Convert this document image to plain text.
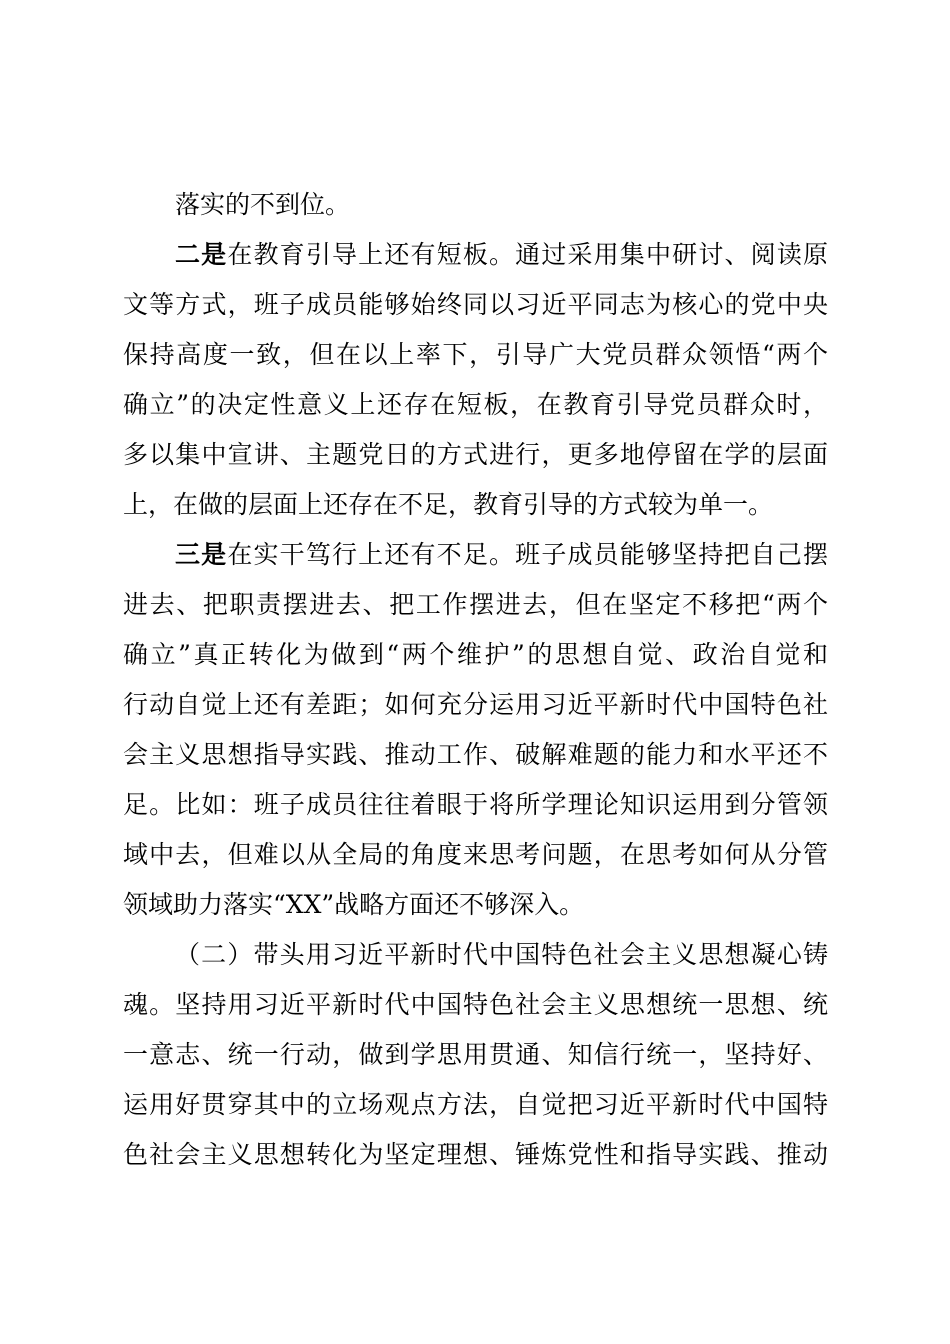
落实的不到位。
二是在教育引导上还有短板。通过采用集中研讨、阅读原
文等方式，班子成员能够始终同以习近平同志为核心的党中央
保持高度一致，但在以上率下，引导广大党员群众领悟“两个
确立”的决定性意义上还存在短板，在教育引导党员群众时，
多以集中宣讲、主题党日的方式进行，更多地停留在学的层面
上，在做的层面上还存在不足，教育引导的方式较为单一。
三是在实干笃行上还有不足。班子成员能够坚持把自己摆
进去、把职责摆进去、把工作摆进去，但在坚定不移把“两个
确立”真正转化为做到“两个维护”的思想自觉、政治自觉和
行动自觉上还有差距；如何充分运用习近平新时代中国特色社
会主义思想指导实践、推动工作、破解难题的能力和水平还不
足。比如：班子成员往往着眼于将所学理论知识运用到分管领
域中去，但难以从全局的角度来思考问题，在思考如何从分管
领域助力落实“XX”战略方面还不够深入。
（二）带头用习近平新时代中国特色社会主义思想凝心铸
魂。坚持用习近平新时代中国特色社会主义思想统一思想、统
一意志、统一行动，做到学思用贯通、知信行统一，坚持好、
运用好贯穿其中的立场观点方法，自觉把习近平新时代中国特
色社会主义思想转化为坚定理想、锤炼党性和指导实践、推动
